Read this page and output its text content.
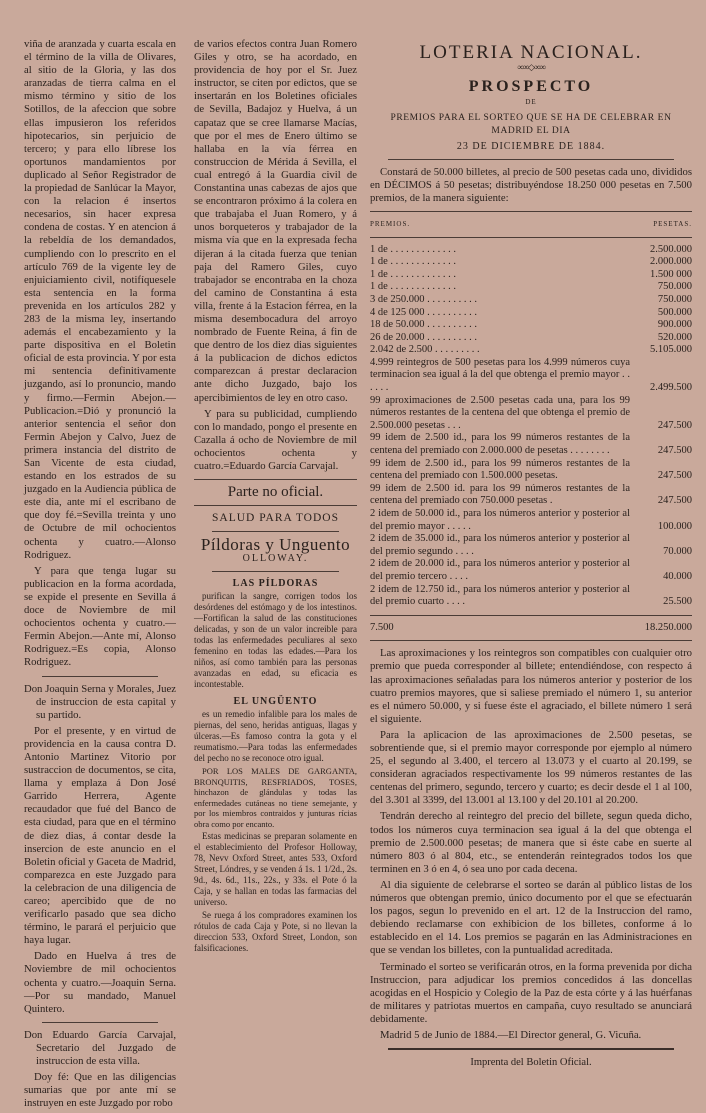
viña de aranzada y cuarta escala en el término de la villa de Olivares, al sitio de la Gloria, y las dos aranzadas de tierra calma en el mismo término y sitio de los Sotillos, de la afeccion que sobre ellas impusieron los referidos hipotecarios, sin perjuicio de tercero; y para ello líbrese los oportunos mandamientos por duplicado al Señor Registrador de la propiedad de Sanlúcar la Mayor, con la relacion é insertos necesarios, sin hacer expresa condena de costas. Y en atencion á la rebeldía de los demandados, cumpliendo con lo prescrito en el artículo 769 de la vigente ley de enjuiciamiento civil, notifíquesele esta sentencia en la forma prevenida en los artículos 282 y 283 de la misma ley, insertando además el encabezamiento y la parte dispositiva en el Boletin oficial de esta provincia. Y por esta mi sentencia definitivamente juzgando, así lo pronuncio, mando y firmo.—Fermin Abejon.—Publicacion.=Dió y pronunció la anterior sentencia el señor don Fermin Abejon y Calvo, Juez de primera instancia del distrito de San Vicente de esta ciudad, estando en los estrados de su juzgado en la Audiencia pública de este dia, ante mí el escribano de que doy fé.=Sevilla treinta y uno de Octubre de mil ochocientos ochenta y cuatro.—Alonso Rodriguez.

Y para que tenga lugar su publicacion en la forma acordada, se expide el presente en Sevilla á doce de Noviembre de mil ochocientos ochenta y cuatro.—Fermin Abejon.—Ante mí, Alonso Rodriguez.=Es copia, Alonso Rodriguez.

Don Joaquin Serna y Morales, Juez de instruccion de esta capital y su partido.

Por el presente, y en virtud de providencia en la causa contra D. Antonio Martinez Vitorio por sustraccion de documentos, se cita, llama y emplaza á Don José Garrido Herrera, Agente recaudador que fué del Banco de esta ciudad, para que en el término de diez dias, á contar desde la insercion de este anuncio en el Boletin oficial y Gaceta de Madrid, comparezca en este Juzgado para la celebracion de una diligencia de careo; apercibido que de no verificarlo pasado que sea dicho término, le parará el perjuicio que haya lugar.

Dado en Huelva á tres de Noviembre de mil ochocientos ochenta y cuatro.—Joaquin Serna.—Por su mandado, Manuel Quintero.

Don Eduardo García Carvajal, Secretario del Juzgado de instruccion de esta villa.

Doy fé: Que en las diligencias sumarias que por ante mí se instruyen en este Juzgado por robo

de varios efectos contra Juan Romero Giles y otro, se ha acordado, en providencia de hoy por el Sr. Juez instructor, se citen por edictos, que se insertarán en los Boletines oficiales de Sevilla, Badajoz y Huelva, á un capataz que se cree llamarse Macías, que por el mes de Enero último se hallaba en la vía férrea en construccion de Mérida á Sevilla, el cual entregó á la Guardia civil de Constantina unas cabezas de ajos que se encontraron próximo á la colera en que trabajaba el Juan Romero, y á unos borqueteros y trabajador de la misma vía que en la expresada fecha dijeran á la citada fuerza que tenian paja del Ramero Giles, cuyo trabajador se encontraba en la choza del camino de Constantina á esta villa, frente á la Estacion férrea, en la misma desembocadura del arroyo nombrado de Fuente Reina, á fin de que dentro de los diez dias siguientes á la publicacion de dichos edictos comparezcan á prestar declaracion ante dicho Juzgado, bajo los apercibimientos de ley en otro caso.

Y para su publicidad, cumpliendo con lo mandado, pongo el presente en Cazalla á ocho de Noviembre de mil ochocientos ochenta y cuatro.=Eduardo García Carvajal.

Parte no oficial.
SALUD PARA TODOS
Píldoras y Unguento
OLLOWAY.
LAS PÍLDORAS

purifican la sangre, corrigen todos los desórdenes del estómago y de los intestinos.—Fortifican la salud de las constituciones delicadas, y son de un valor increible para todas las enfermedades peculiares al sexo femenino en todas las edades.—Para los niños, así como también para las personas avanzadas en edad, su eficacia es incontestable.

EL UNGÜENTO

es un remedio infalible para los males de piernas, del seno, heridas antiguas, llagas y úlceras.—Es famoso contra la gota y el reumatismo.—Para todas las enfermedades del pecho no se reconoce otro igual.

POR LOS MALES DE GARGANTA, BRONQUITIS, RESFRIADOS, TOSES, hinchazon de glándulas y todas las enfermedades cutáneas no tiene semejante, y por los miembros contraidos y junturas rícias obra como por encanto.

Estas medicinas se preparan solamente en el establecimiento del Profesor Holloway, 78, Nevv Oxford Street, antes 533, Oxford Street, Lóndres, y se venden á 1s. 1 1/2d., 2s. 9d., 4s. 6d., 11s., 22s., y 33s. el Pote ó la Caja, y se hallan en todas las farmacias del universo.

Se ruega á los compradores examinen los rótulos de cada Caja y Pote, si no llevan la direccion 533, Oxford Street, London, son falsificaciones.

LOTERIA NACIONAL.
∞∞◇∞∞
PROSPECTO
DE
PREMIOS PARA EL SORTEO QUE SE HA DE CELEBRAR EN MADRID EL DIA
23 DE DICIEMBRE DE 1884.

Constará de 50.000 billetes, al precio de 500 pesetas cada uno, divididos en DÉCIMOS á 50 pesetas; distribuyéndose 18.250 000 pesetas en 7.500 premios, de la manera siguiente:

PREMIOS.	PESETAS.
1 de . . . . . . . . . . . . .	2.500.000
1 de . . . . . . . . . . . . .	2.000.000
1 de . . . . . . . . . . . . .	1.500 000
1 de . . . . . . . . . . . . .	750.000
3 de 250.000 . . . . . . . . . .	750.000
4 de 125 000 . . . . . . . . . .	500.000
18 de 50.000 . . . . . . . . . .	900.000
26 de 20.000 . . . . . . . . . .	520.000
2.042 de 2.500 . . . . . . . . .	5.105.000
4.999 reintegros de 500 pesetas para los 4.999 números cuya terminacion sea igual á la del que obtenga el premio mayor . . . . . .	2.499.500
99 aproximaciones de 2.500 pesetas cada una, para los 99 números restantes de la centena del que obtenga el premio de 2.500.000 pesetas . . .	247.500
99 idem de 2.500 id., para los 99 números restantes de la centena del premiado con 2.000.000 de pesetas . . . . . . . .	247.500
99 idem de 2.500 id., para los 99 números restantes de la centena del premiado con 1.500.000 pesetas.	247.500
99 idem de 2.500 id. para los 99 números restantes de la centena del premiado con 750.000 pesetas .	247.500
2 idem de 50.000 id., para los números anterior y posterior al del premio mayor . . . . .	100.000
2 idem de 35.000 id., para los números anterior y posterior al del premio segundo . . . .	70.000
2 idem de 20.000 id., para los números anterior y posterior al del premio tercero . . . .	40.000
2 idem de 12.750 id., para los números anterior y posterior al del premio cuarto . . . .	25.500
7.500	18.250.000

Las aproximaciones y los reintegros son compatibles con cualquier otro premio que pueda corresponder al billete; entendiéndose, con respecto á las aproximaciones señaladas para los números anterior y posterior de los cuatro premios mayores, que si saliese premiado el número 1, su anterior es el número 50.000, y si fuese éste el agraciado, el billete número 1 será el siguiente.

Para la aplicacion de las aproximaciones de 2.500 pesetas, se sobrentiende que, si el premio mayor corresponde por ejemplo al número 25, el segundo al 3.400, el tercero al 13.073 y el cuarto al 20.199, se consideran agraciados respectivamente los 99 números restantes de las centenas del primero, segundo, tercero y cuarto; es decir desde el 1 al 100, del 3.301 al 3399, del 13.001 al 13.100 y del 20.101 al 20.200.

Tendrán derecho al reintegro del precio del billete, segun queda dicho, todos los números cuya terminacion sea igual á la del que obtenga el premio de 2.500.000 pesetas; de manera que si éste cabe en suerte al número 803 ó al 804, etc., se entenderán reintegrados todos los que terminen en 3 ó en 4, ó sea uno por cada decena.

Al dia siguiente de celebrarse el sorteo se darán al público listas de los números que obtengan premio, único documento por el que se efectuarán los pagos, segun lo prevenido en el art. 12 de la Instruccion del ramo, debiendo reclamarse con exhibicion de los billetes, conforme á lo establecido en el 14. Los premios se pagarán en las Administraciones en que se vendan los billetes, con la puntualidad acreditada.

Terminado el sorteo se verificarán otros, en la forma prevenida por dicha Instruccion, para adjudicar los premios concedidos á las doncellas acogidas en el Hospicio y Colegio de la Paz de esta córte y á las huérfanas de militares y patriotas muertos en campaña, cuyo resultado se anunciará debidamente.

Madrid 5 de Junio de 1884.—El Director general, G. Vicuña.

Imprenta del Boletin Oficial.
